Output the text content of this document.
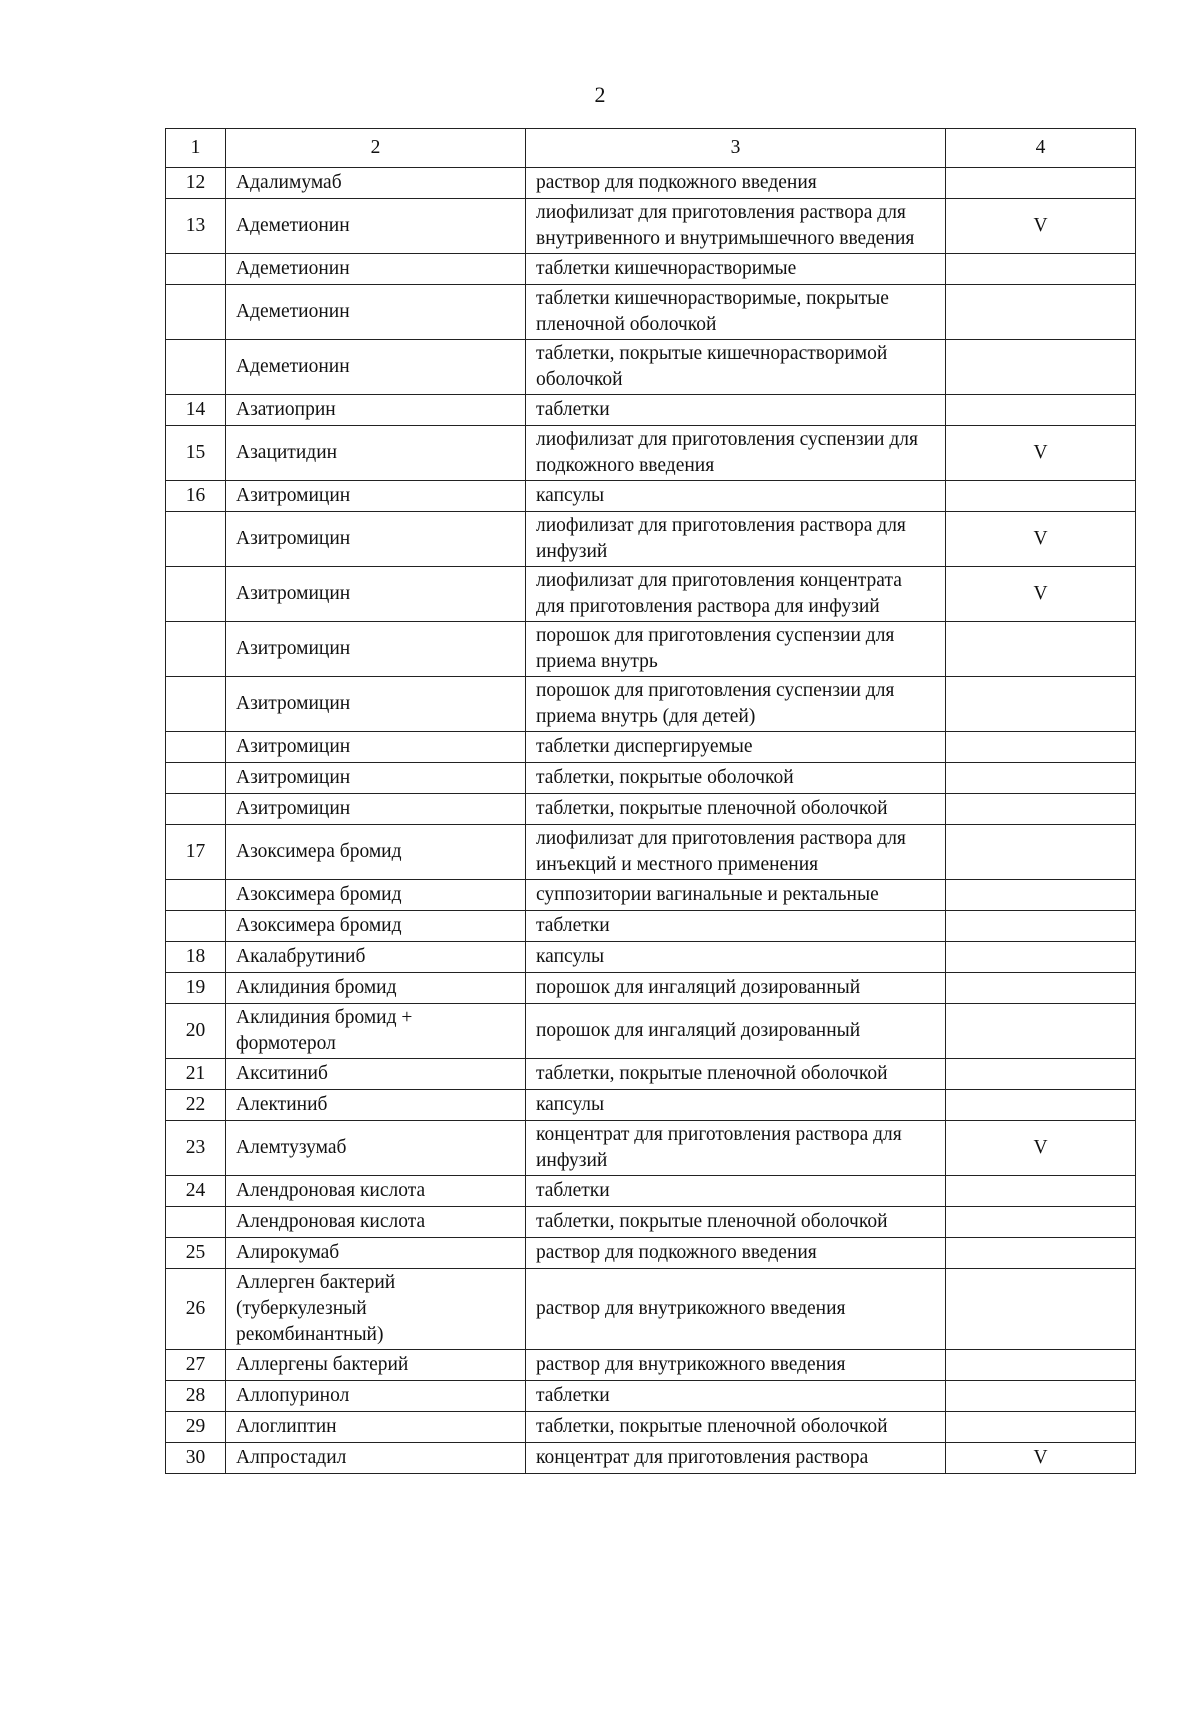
2
1	2	3	4
12	Адалимумаб	раствор для подкожного введения	
13	Адеметионин	лиофилизат для приготовления раствора для внутривенного и внутримышечного введения	V
	Адеметионин	таблетки кишечнорастворимые	
	Адеметионин	таблетки кишечнорастворимые, покрытые пленочной оболочкой	
	Адеметионин	таблетки, покрытые кишечнорастворимой оболочкой	
14	Азатиоприн	таблетки	
15	Азацитидин	лиофилизат для приготовления суспензии для подкожного введения	V
16	Азитромицин	капсулы	
	Азитромицин	лиофилизат для приготовления раствора для инфузий	V
	Азитромицин	лиофилизат для приготовления концентрата для приготовления раствора для инфузий	V
	Азитромицин	порошок для приготовления суспензии для приема внутрь	
	Азитромицин	порошок для приготовления суспензии для приема внутрь (для детей)	
	Азитромицин	таблетки диспергируемые	
	Азитромицин	таблетки, покрытые оболочкой	
	Азитромицин	таблетки, покрытые пленочной оболочкой	
17	Азоксимера бромид	лиофилизат для приготовления раствора для инъекций и местного применения	
	Азоксимера бромид	суппозитории вагинальные и ректальные	
	Азоксимера бромид	таблетки	
18	Акалабрутиниб	капсулы	
19	Аклидиния бромид	порошок для ингаляций дозированный	
20	Аклидиния бромид + формотерол	порошок для ингаляций дозированный	
21	Акситиниб	таблетки, покрытые пленочной оболочкой	
22	Алектиниб	капсулы	
23	Алемтузумаб	концентрат для приготовления раствора для инфузий	V
24	Алендроновая кислота	таблетки	
	Алендроновая кислота	таблетки, покрытые пленочной оболочкой	
25	Алирокумаб	раствор для подкожного введения	
26	Аллерген бактерий (туберкулезный рекомбинантный)	раствор для внутрикожного введения	
27	Аллергены бактерий	раствор для внутрикожного введения	
28	Аллопуринол	таблетки	
29	Алоглиптин	таблетки, покрытые пленочной оболочкой	
30	Алпростадил	концентрат для приготовления раствора	V
